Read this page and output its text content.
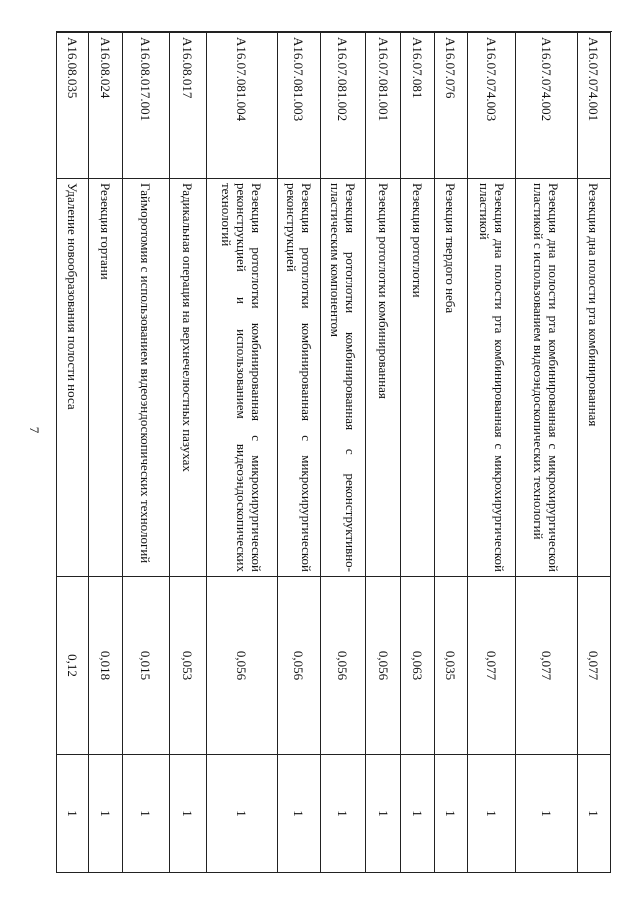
7
A16.07.074.001	Резекция дна полости рта комбинированная	0,077	1
A16.07.074.002	Резекция дна полости рта комбинированная с микрохирургической пластикой с использованием видеоэндоскопических технологий	0,077	1
A16.07.074.003	Резекция дна полости рта комбинированная с микрохирургической пластикой	0,077	1
A16.07.076	Резекция твердого неба	0,035	1
A16.07.081	Резекция ротоглотки	0,063	1
A16.07.081.001	Резекция ротоглотки комбинированная	0,056	1
A16.07.081.002	Резекция ротоглотки комбинированная с реконструктивно-пластическим компонентом	0,056	1
A16.07.081.003	Резекция ротоглотки комбинированная с микрохирургической реконструкцией	0,056	1
A16.07.081.004	Резекция ротоглотки комбинированная с микрохирургической реконструкцией и использованием видеоэндоскопических технологий	0,056	1
A16.08.017	Радикальная операция на верхнечелюстных пазухах	0,053	1
A16.08.017.001	Гайморотомия с использованием видеоэндоскопических технологий	0,015	1
A16.08.024	Резекция гортани	0,018	1
A16.08.035	Удаление новообразования полости носа	0,12	1
